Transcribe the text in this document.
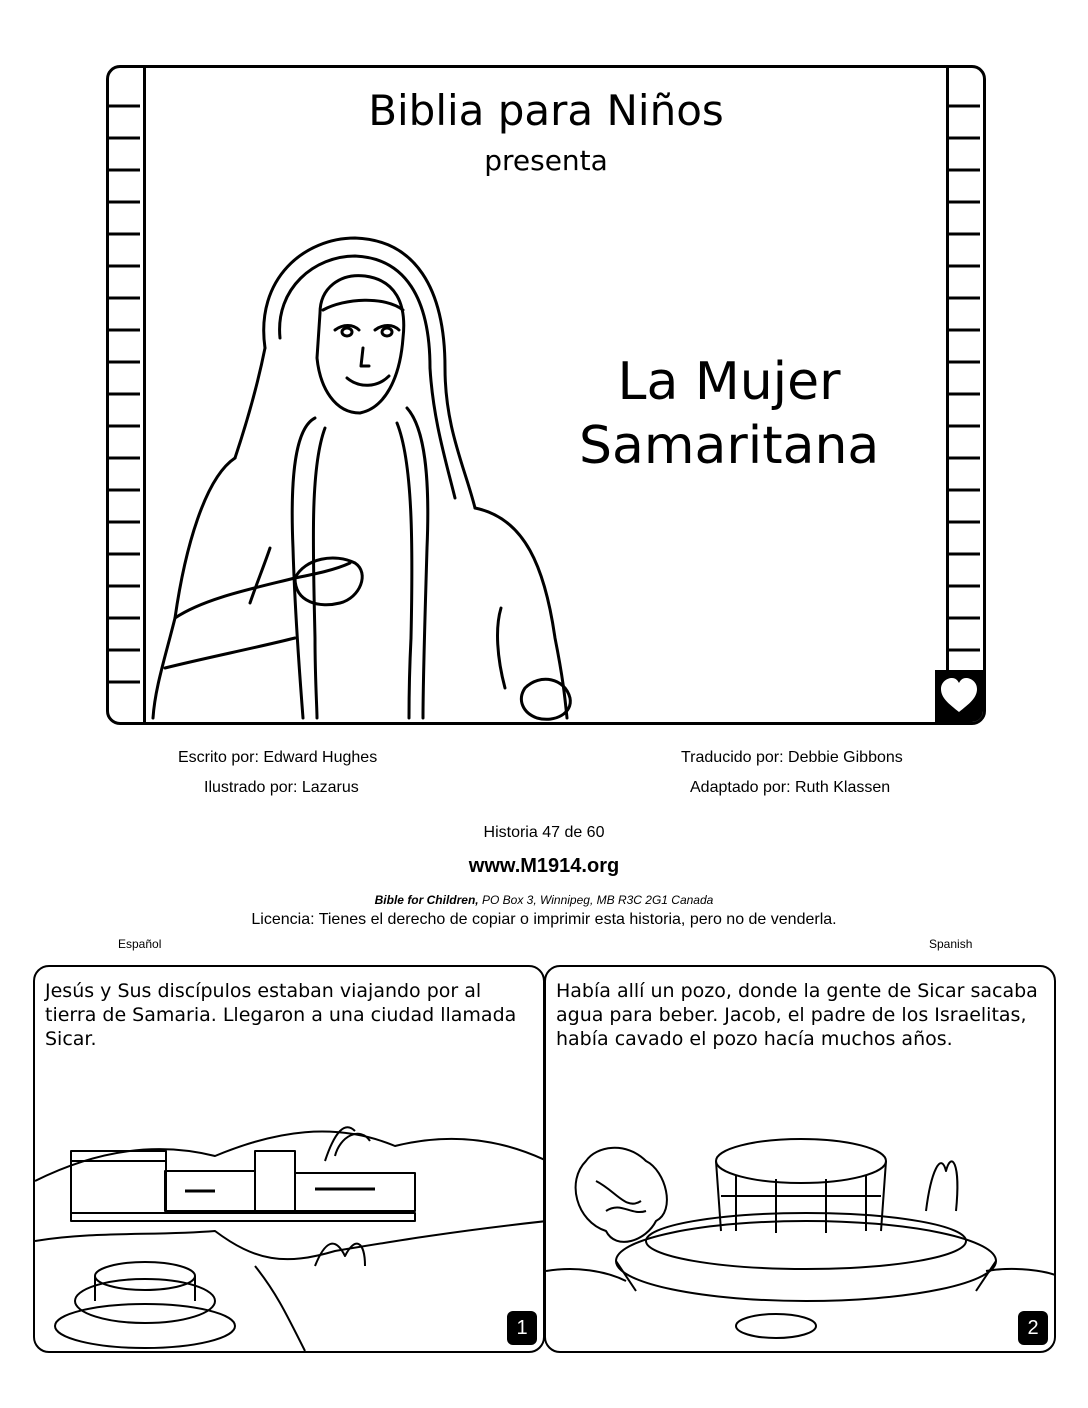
Biblia para Niños
presenta
La Mujer
Samaritana
Escrito por: Edward Hughes
Ilustrado por: Lazarus
Traducido por: Debbie Gibbons
Adaptado por: Ruth Klassen
Historia 47 de 60
www.M1914.org
Bible for Children, PO Box 3, Winnipeg, MB R3C 2G1 Canada
Licencia: Tienes el derecho de copiar o imprimir esta historia, pero no de venderla.
Español	Spanish
Jesús y Sus discípulos estaban viajando por al tierra de Samaria. Llegaron a una ciudad llamada Sicar.
1
Había allí un pozo, donde la gente de Sicar sacaba agua para beber. Jacob, el padre de los Israelitas, había cavado el pozo hacía muchos años.
2
